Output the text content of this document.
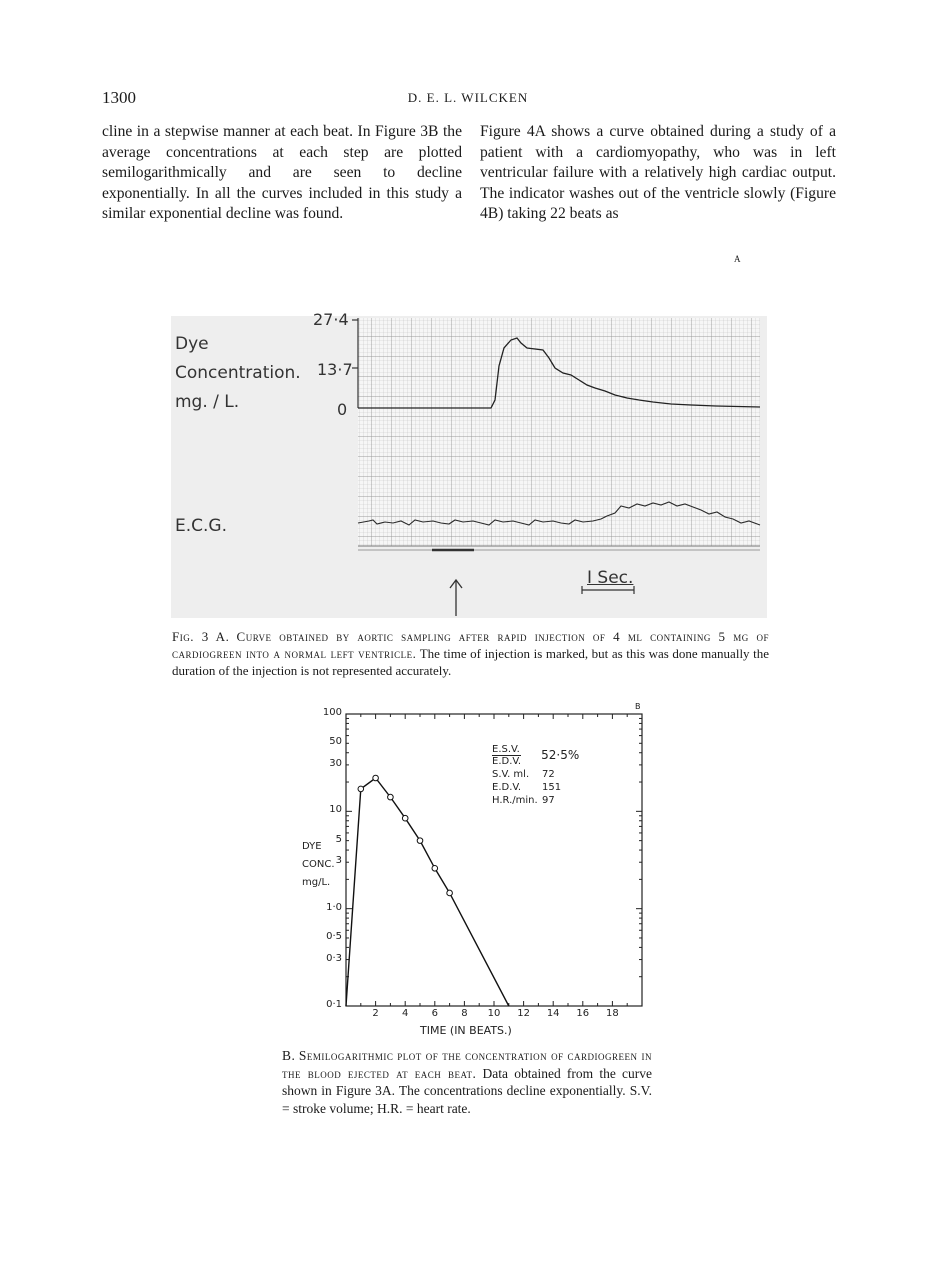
1300	D. E. L. WILCKEN
cline in a stepwise manner at each beat. In Figure 3B the average concentrations at each step are plotted semilogarithmically and are seen to decline exponentially. In all the curves included in this study a similar exponential decline was found.
Figure 4A shows a curve obtained during a study of a patient with a cardiomyopathy, who was in left ventricular failure with a relatively high cardiac output. The indicator washes out of the ventricle slowly (Figure 4B) taking 22 beats as
A
Dye
Concentration.
mg. / L.
27·4
13·7
0
E.C.G.
I Sec.
Fig. 3 A. Curve obtained by aortic sampling after rapid injection of 4 ml containing 5 mg of cardiogreen into a normal left ventricle. The time of injection is marked, but as this was done manually the duration of the injection is not represented accurately.
B
100
50
30
10
5
3
1·0
0·5
0·3
0·1
2	4	6	8	10	12	14	16	18
DYE
CONC.
mg/L.
TIME (IN BEATS.)
$\frac{E.S.V.}{E.D.V.} 52\cdot 5\%$
S.V. ml.	72
E.D.V.	151
H.R./min. 97
B. Semilogarithmic plot of the concentration of cardiogreen in the blood ejected at each beat. Data obtained from the curve shown in Figure 3A. The concentrations decline exponentially. S.V. = stroke volume; H.R. = heart rate.
